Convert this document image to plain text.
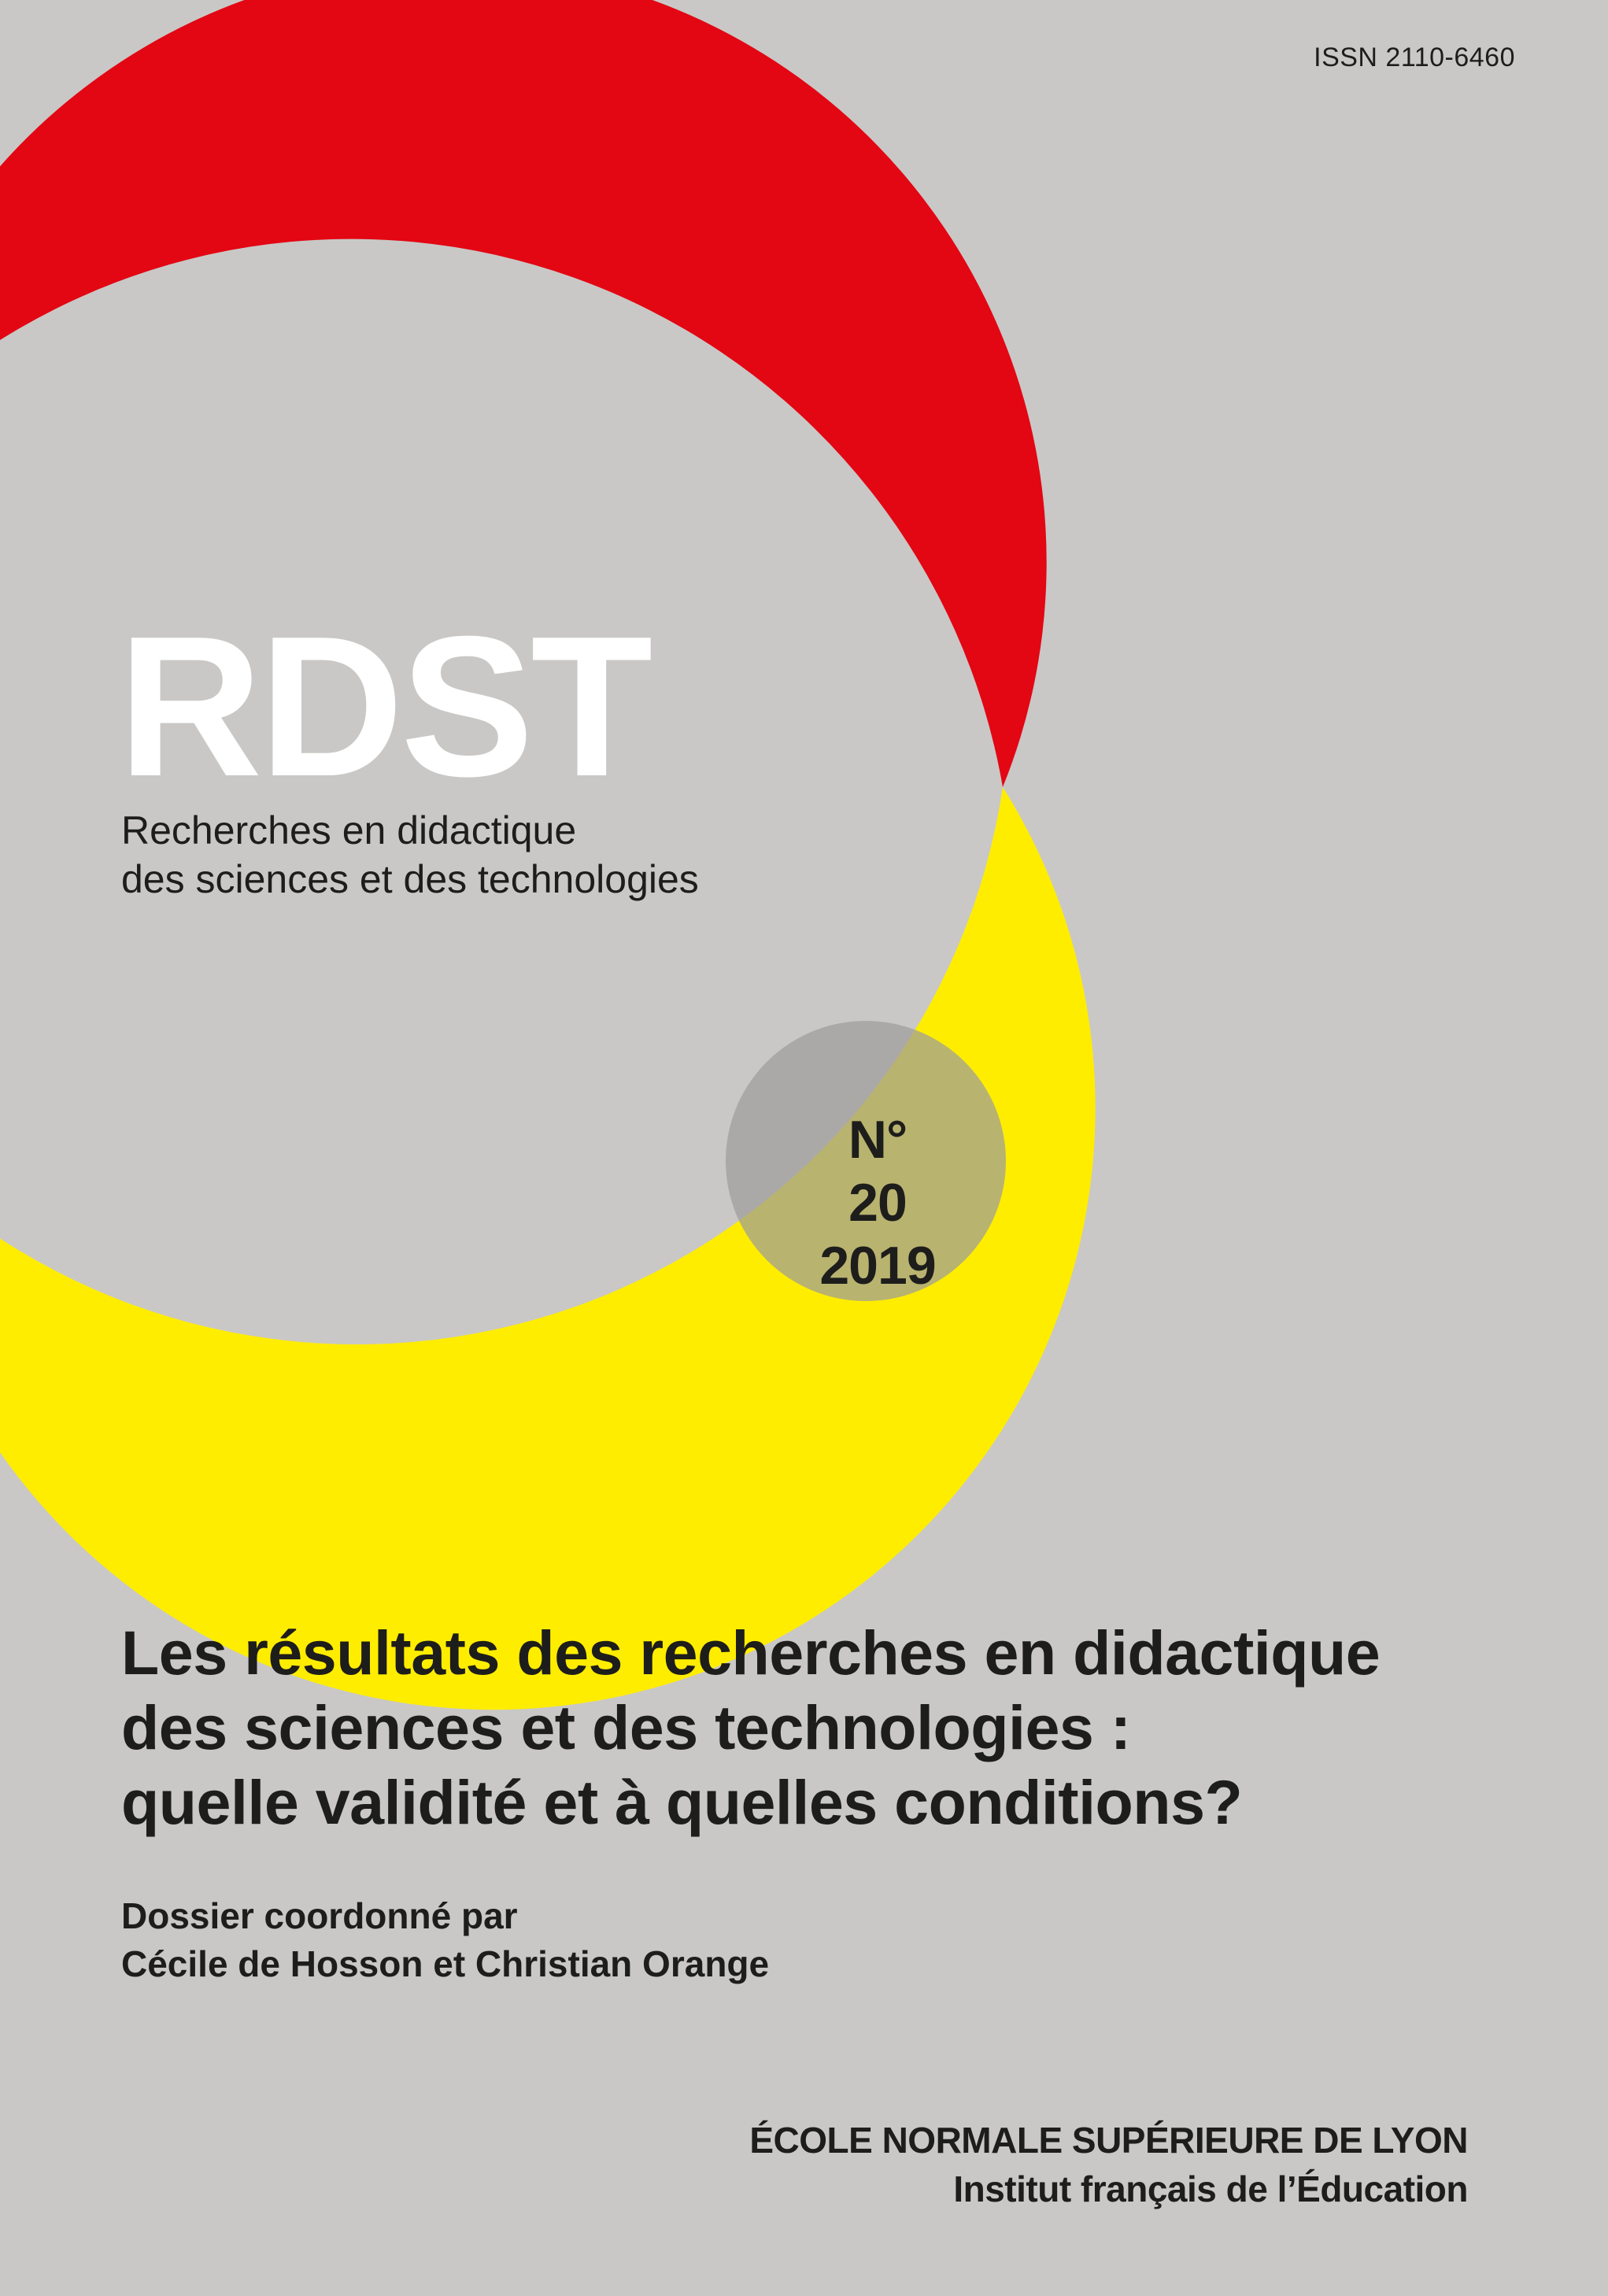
ISSN 2110-6460
RDST
Recherches en didactique
des sciences et des technologies
N° 20
2019
Les résultats des recherches en didactique
des sciences et des technologies :
quelle validité et à quelles conditions?
Dossier coordonné par
Cécile de Hosson et Christian Orange
ÉCOLE NORMALE SUPÉRIEURE DE LYON
Institut français de l’Éducation
